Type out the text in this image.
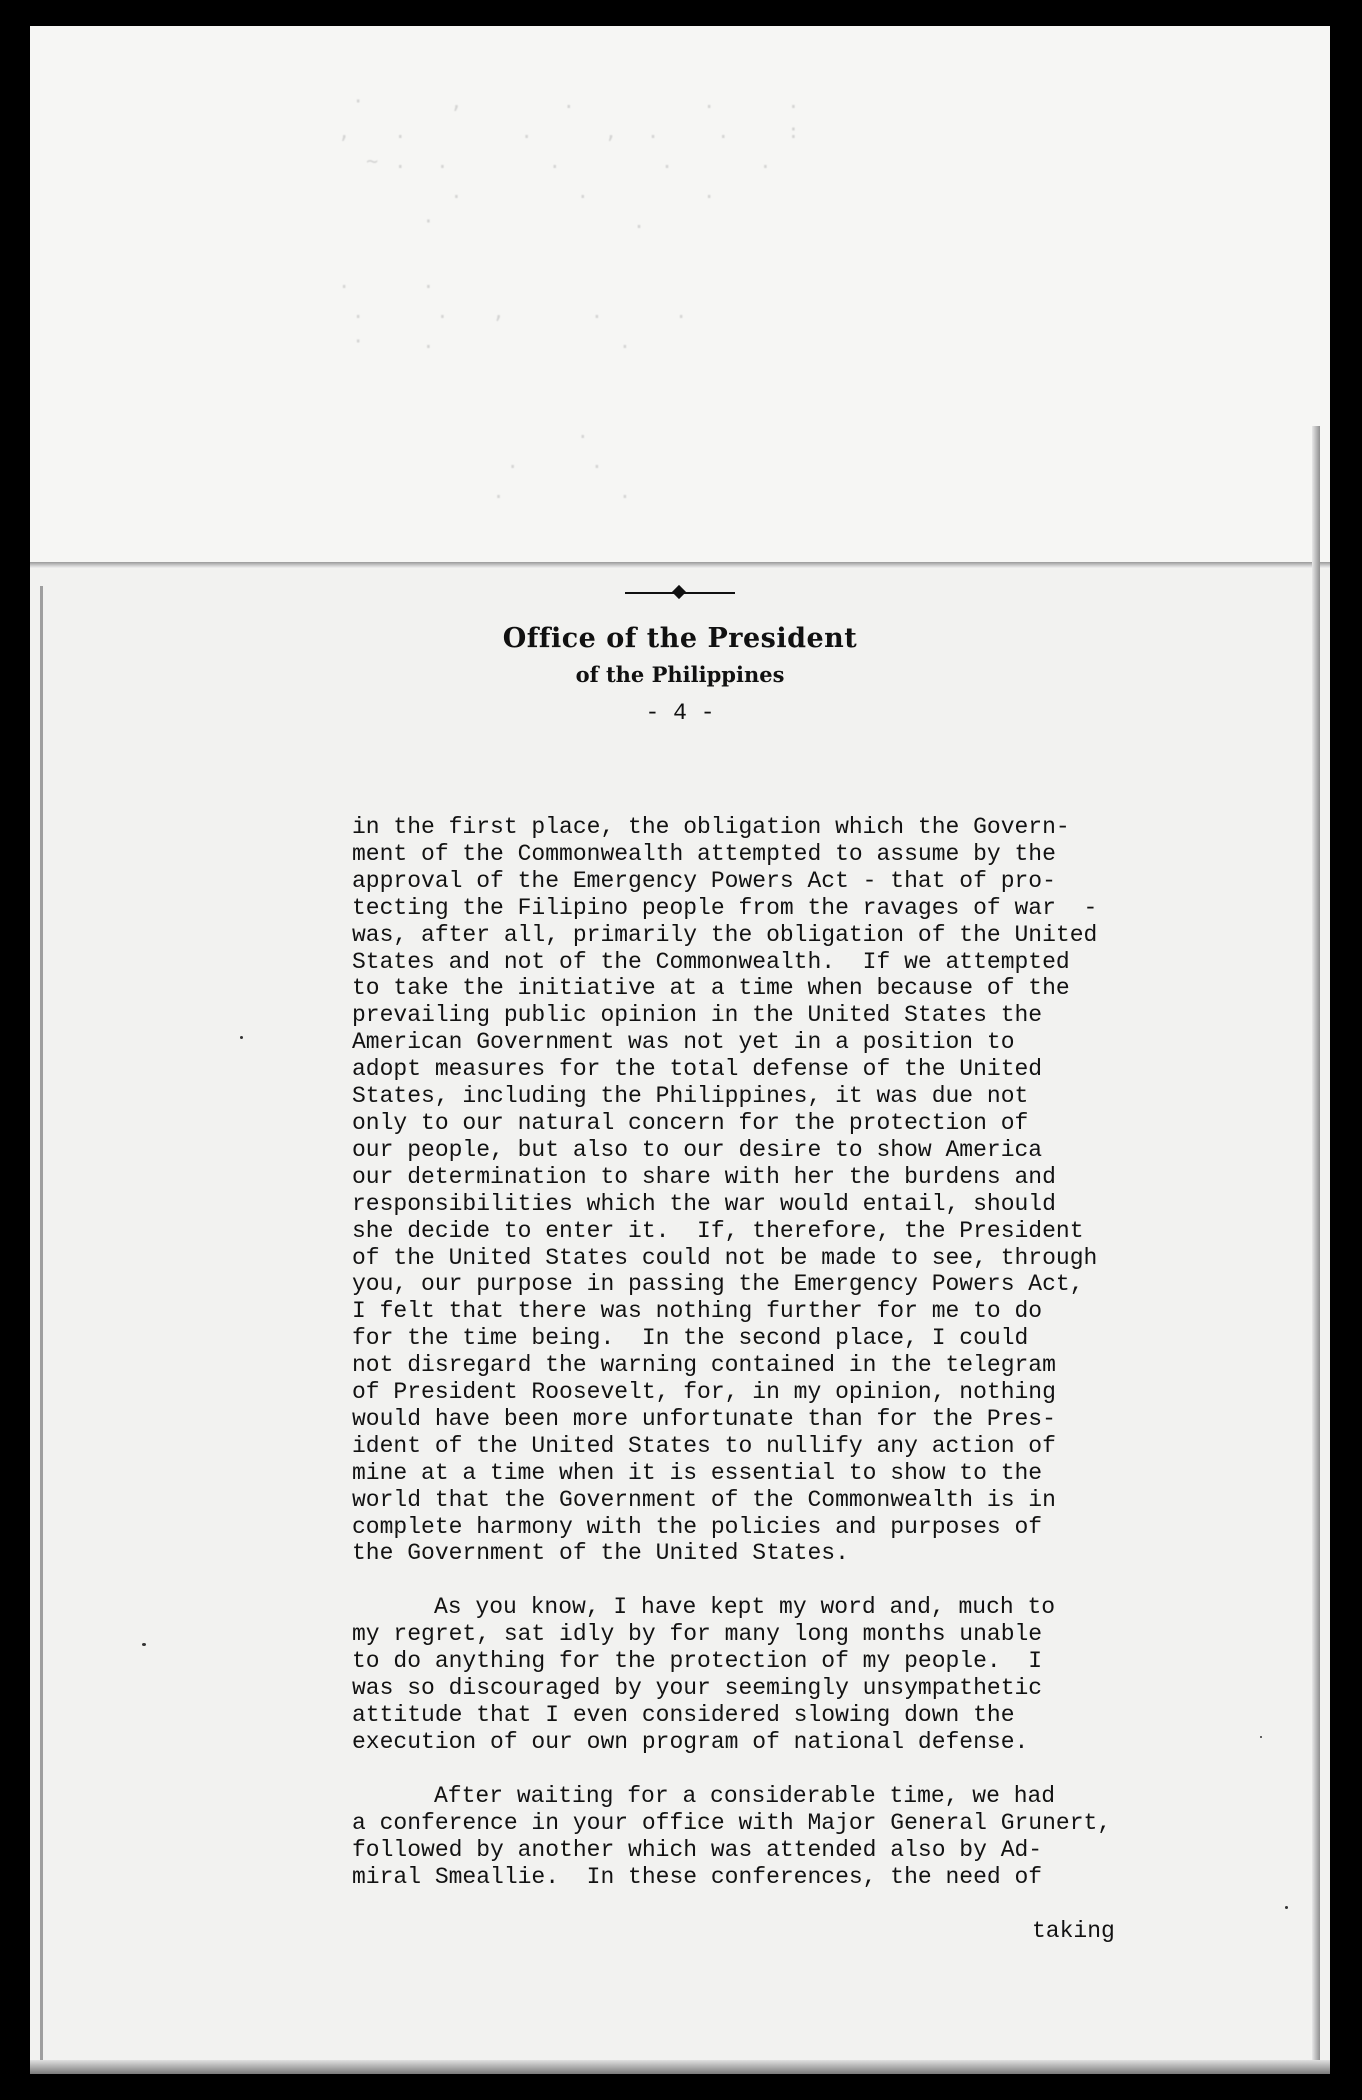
·      ,       .         .     .
,   .        .     ,  .    .    :
~ .  .       .       .      .
.        .        .
·              .

.     .
.     .   ,      .     .
·    .             .

.
.     .
.        .
Office of the President
of the Philippines
- 4 -
in the first place, the obligation which the Govern-
ment of the Commonwealth attempted to assume by the
approval of the Emergency Powers Act - that of pro-
tecting the Filipino people from the ravages of war  -
was, after all, primarily the obligation of the United
States and not of the Commonwealth.  If we attempted
to take the initiative at a time when because of the
prevailing public opinion in the United States the
American Government was not yet in a position to
adopt measures for the total defense of the United
States, including the Philippines, it was due not
only to our natural concern for the protection of
our people, but also to our desire to show America
our determination to share with her the burdens and
responsibilities which the war would entail, should
she decide to enter it.  If, therefore, the President
of the United States could not be made to see, through
you, our purpose in passing the Emergency Powers Act,
I felt that there was nothing further for me to do
for the time being.  In the second place, I could
not disregard the warning contained in the telegram
of President Roosevelt, for, in my opinion, nothing
would have been more unfortunate than for the Pres-
ident of the United States to nullify any action of
mine at a time when it is essential to show to the
world that the Government of the Commonwealth is in
complete harmony with the policies and purposes of
the Government of the United States.
As you know, I have kept my word and, much to
my regret, sat idly by for many long months unable
to do anything for the protection of my people.  I
was so discouraged by your seemingly unsympathetic
attitude that I even considered slowing down the
execution of our own program of national defense.
After waiting for a considerable time, we had
a conference in your office with Major General Grunert,
followed by another which was attended also by Ad-
miral Smeallie.  In these conferences, the need of
taking
